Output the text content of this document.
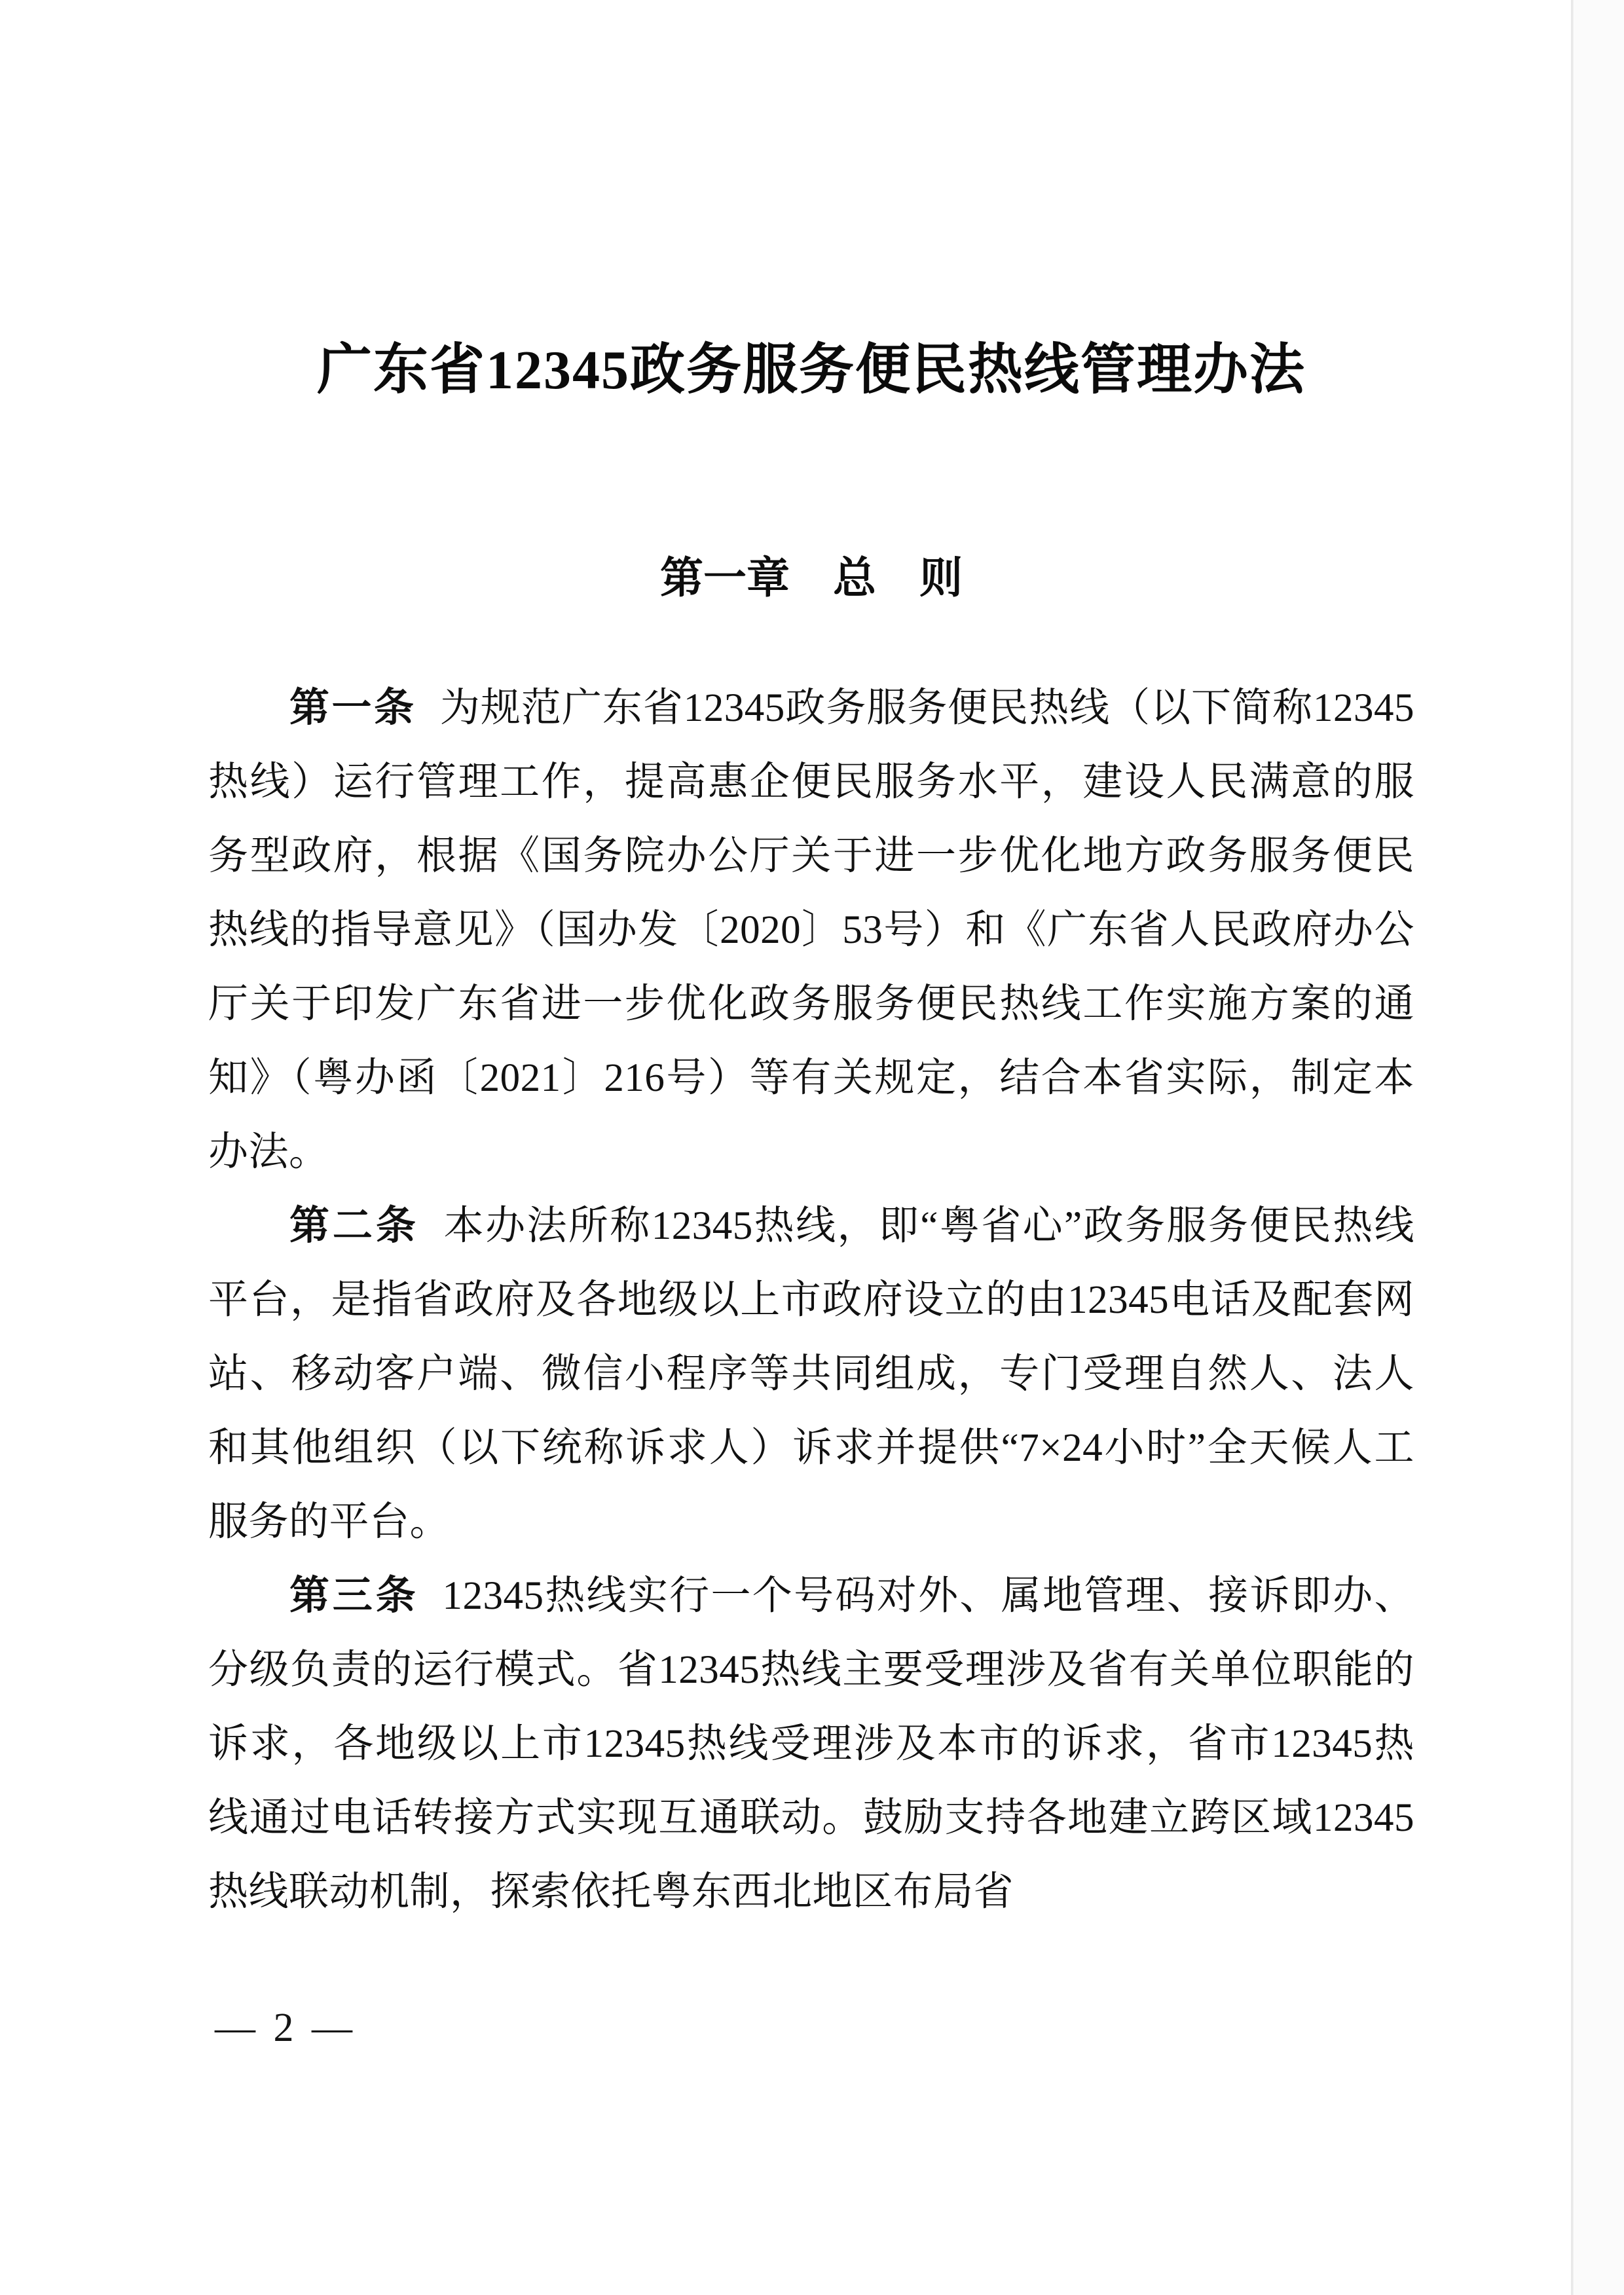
广东省12345政务服务便民热线管理办法
第一章　总　则

第一条 为规范广东省12345政务服务便民热线（以下简称12345热线）运行管理工作，提高惠企便民服务水平，建设人民满意的服务型政府，根据《国务院办公厅关于进一步优化地方政务服务便民热线的指导意见》（国办发〔2020〕53号）和《广东省人民政府办公厅关于印发广东省进一步优化政务服务便民热线工作实施方案的通知》（粤办函〔2021〕216号）等有关规定，结合本省实际，制定本办法。

第二条 本办法所称12345热线，即“粤省心”政务服务便民热线平台，是指省政府及各地级以上市政府设立的由12345电话及配套网站、移动客户端、微信小程序等共同组成，专门受理自然人、法人和其他组织（以下统称诉求人）诉求并提供“7×24小时”全天候人工服务的平台。

第三条 12345热线实行一个号码对外、属地管理、接诉即办、分级负责的运行模式。省12345热线主要受理涉及省有关单位职能的诉求，各地级以上市12345热线受理涉及本市的诉求，省市12345热线通过电话转接方式实现互通联动。鼓励支持各地建立跨区域12345热线联动机制，探索依托粤东西北地区布局省

— 2 —
